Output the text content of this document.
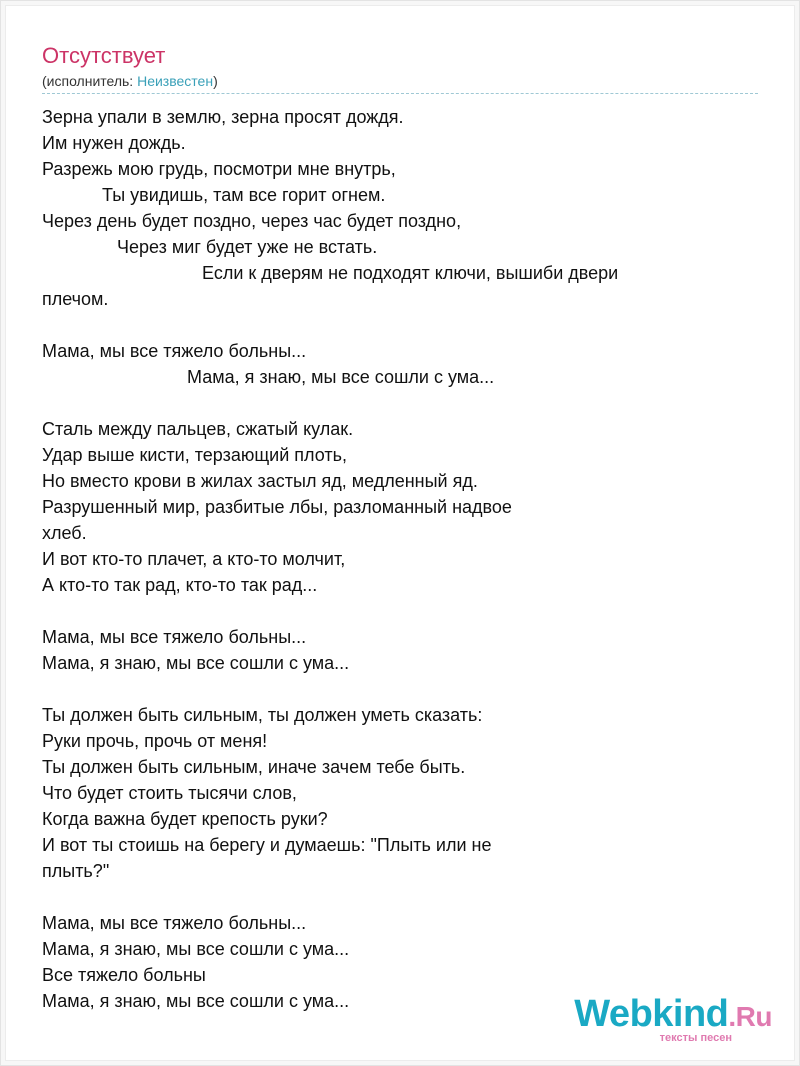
Отсутствует
(исполнитель: Неизвестен)
Зерна упали в землю, зерна просят дождя.
Им нужен дождь.
Разрежь мою грудь, посмотри мне внутрь,
Ты увидишь, там все горит огнем.
Через день будет поздно, через час будет поздно,
Через миг будет уже не встать.
Если к дверям не подходят ключи, вышиби двери
плечом.
Мама, мы все тяжело больны...
Мама, я знаю, мы все сошли с ума...
Сталь между пальцев, сжатый кулак.
Удар выше кисти, терзающий плоть,
Но вместо крови в жилах застыл яд, медленный яд.
Разрушенный мир, разбитые лбы, разломанный надвое
хлеб.
И вот кто-то плачет, а кто-то молчит,
А кто-то так рад, кто-то так рад...
Мама, мы все тяжело больны...
Мама, я знаю, мы все сошли с ума...
Ты должен быть сильным, ты должен уметь сказать:
Руки прочь, прочь от меня!
Ты должен быть сильным, иначе зачем тебе быть.
Что будет стоить тысячи слов,
Когда важна будет крепость руки?
И вот ты стоишь на берегу и думаешь: "Плыть или не
плыть?"
Мама, мы все тяжело больны...
Мама, я знаю, мы все сошли с ума...
Все тяжело больны
Мама, я знаю, мы все сошли с ума...	Webkind.Ru
тексты песен
